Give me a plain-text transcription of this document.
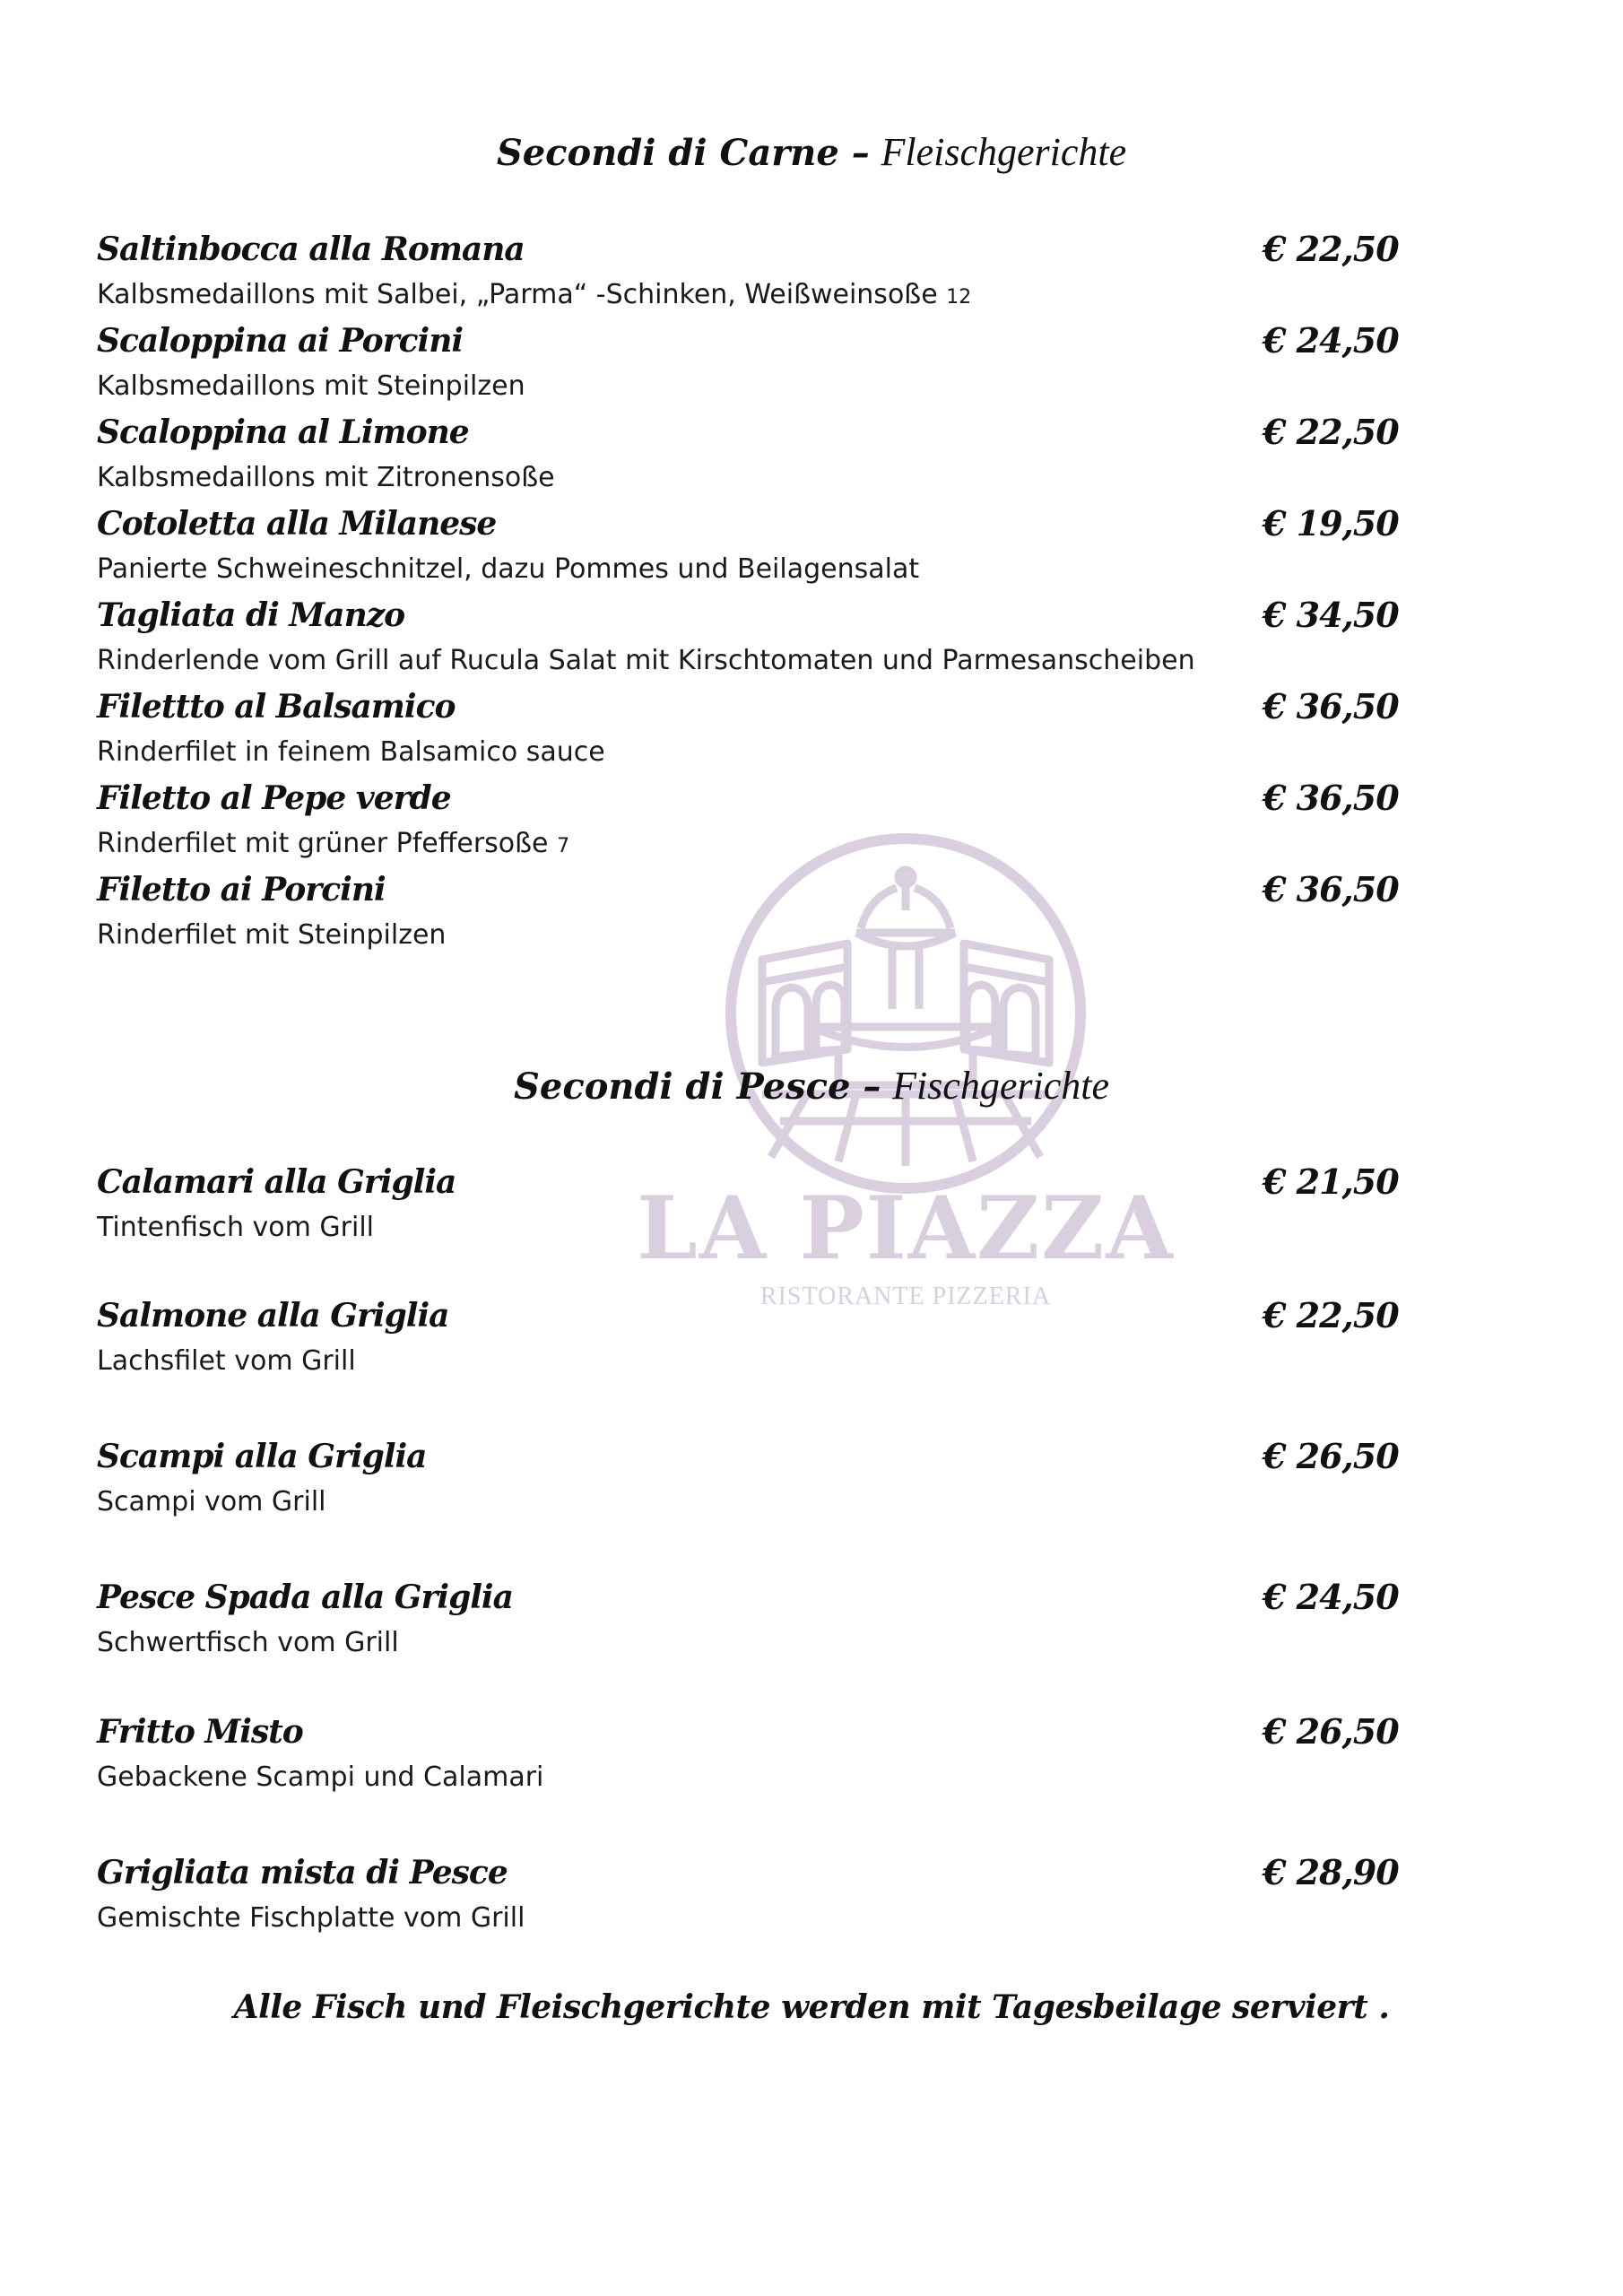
LA PIAZZA
RISTORANTE PIZZERIA
Secondi di Carne – Fleischgerichte
Saltinbocca alla Romana
Kalbsmedaillons mit Salbei, „Parma“ -Schinken, Weißweinsoße 12
€ 22,50
Scaloppina ai Porcini
Kalbsmedaillons mit Steinpilzen
€ 24,50
Scaloppina al Limone
Kalbsmedaillons mit Zitronensoße
€ 22,50
Cotoletta alla Milanese
Panierte Schweineschnitzel, dazu Pommes und Beilagensalat
€ 19,50
Tagliata di Manzo
Rinderlende vom Grill auf Rucula Salat mit Kirschtomaten und Parmesanscheiben
€ 34,50
Filettto al Balsamico
Rinderfilet in feinem Balsamico sauce
€ 36,50
Filetto al Pepe verde
Rinderfilet mit grüner Pfeffersoße 7
€ 36,50
Filetto ai Porcini
Rinderfilet mit Steinpilzen
€ 36,50
Secondi di Pesce – Fischgerichte
Calamari alla Griglia
Tintenfisch vom Grill
€ 21,50
Salmone alla Griglia
Lachsfilet vom Grill
€ 22,50
Scampi alla Griglia
Scampi vom Grill
€ 26,50
Pesce Spada alla Griglia
Schwertfisch vom Grill
€ 24,50
Fritto Misto
Gebackene Scampi und Calamari
€ 26,50
Grigliata mista di Pesce
Gemischte Fischplatte vom Grill
€ 28,90
Alle Fisch und Fleischgerichte werden mit Tagesbeilage serviert .
